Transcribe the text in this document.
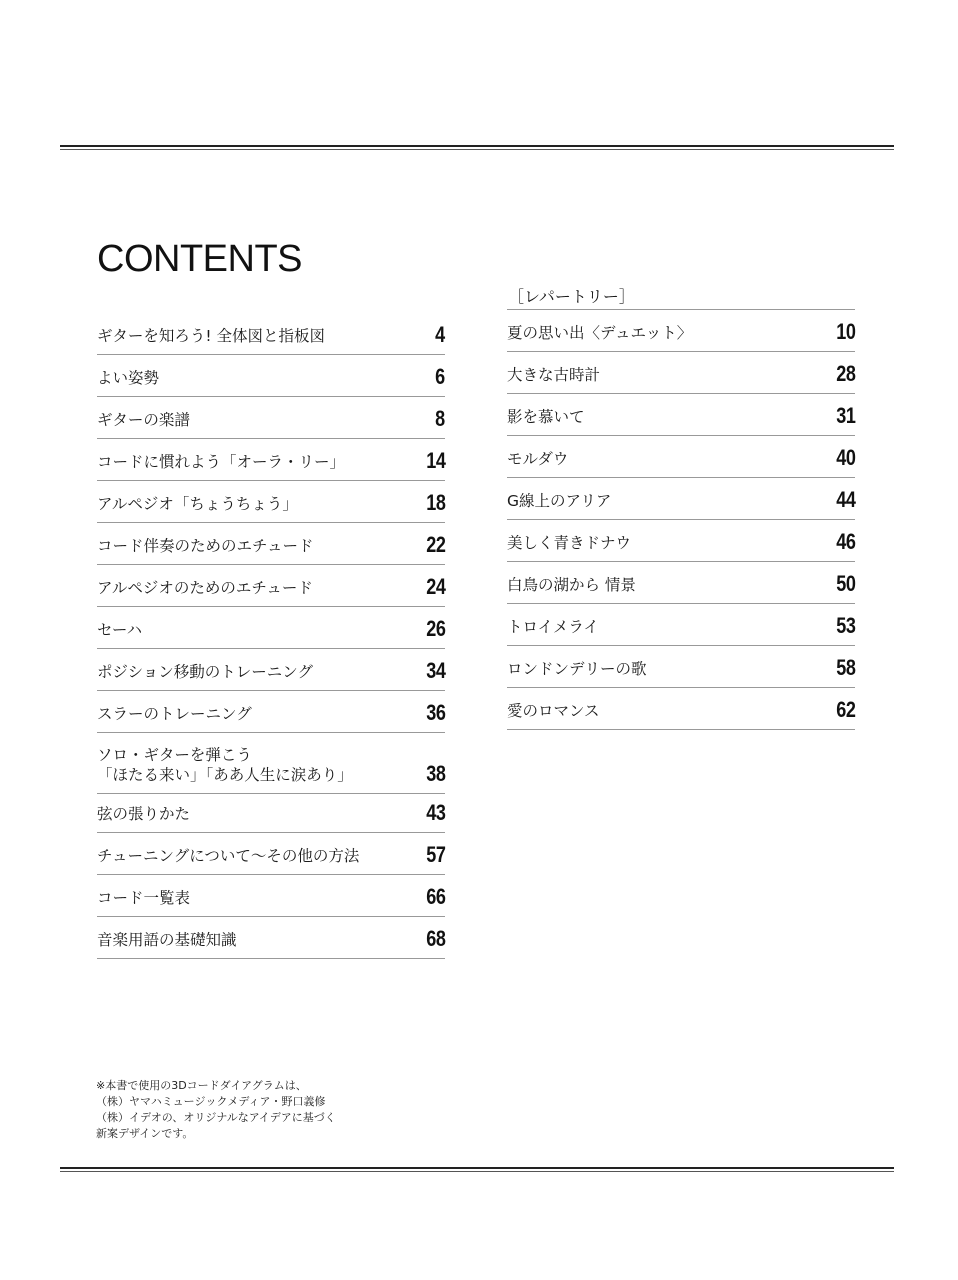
CONTENTS
ギターを知ろう! 全体図と指板図	4
よい姿勢	6
ギターの楽譜	8
コードに慣れよう「オーラ・リー」	14
アルペジオ「ちょうちょう」	18
コード伴奏のためのエチュード	22
アルペジオのためのエチュード	24
セーハ	26
ポジション移動のトレーニング	34
スラーのトレーニング	36
ソロ・ギターを弾こう
「ほたる来い」「ああ人生に涙あり」	38
弦の張りかた	43
チューニングについて～その他の方法	57
コード一覧表	66
音楽用語の基礎知識	68
［レパートリー］
夏の思い出〈デュエット〉	10
大きな古時計	28
影を慕いて	31
モルダウ	40
G線上のアリア	44
美しく青きドナウ	46
白鳥の湖から 情景	50
トロイメライ	53
ロンドンデリーの歌	58
愛のロマンス	62
※本書で使用の3Dコードダイアグラムは、
（株）ヤマハミュージックメディア・野口義修
（株）イデオの、オリジナルなアイデアに基づく
新案デザインです。
